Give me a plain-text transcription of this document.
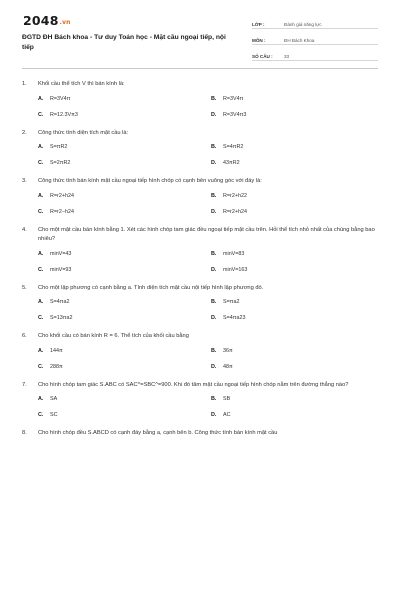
2048.vn
ĐGTD ĐH Bách khoa - Tư duy Toán học - Mặt cầu ngoại tiếp, nội tiếp
LỚP :	Đánh giá năng lực
MÔN :	ĐH Bách Khoa
SỐ CÂU :	33
1.	Khối cầu thể tích V thì bán kính là:
A.	R=3V4π	B.	R=3V4π
C.	R=12.3Vπ3	D.	R=3V4π3
2.	Công thức tính diện tích mặt cầu là:
A.	S=πR2	B.	S=4πR2
C.	S=2πR2	D.	43πR2
3.	Công thức tính bán kính mặt cầu ngoại tiếp hình chóp có cạnh bên vuông góc với đáy là:
A.	R=r2+h24	B.	R=r2+h22
C.	R=r2−h24	D.	R=r2+h24
4.	Cho một mặt cầu bán kính bằng 1. Xét các hình chóp tam giác đều ngoại tiếp mặt cầu trên. Hỏi thể tích nhỏ nhất của chúng bằng bao nhiêu?
A.	minV=43	B.	minV=83
C.	minV=93	D.	minV=163
5.	Cho một lập phương có cạnh bằng a. Tính diện tích mặt cầu nội tiếp hình lập phương đó.
A.	S=4πa2	B.	S=πa2
C.	S=13πa2	D.	S=4πa23
6.	Cho khối cầu có bán kính R = 6. Thể tích của khối cầu bằng
A.	144π	B.	36π
C.	288π	D.	48π
7.	Cho hình chóp tam giác S.ABC có SAC^=SBC^=900. Khi đó tâm mặt cầu ngoại tiếp hình chóp nằm trên đường thẳng nào?
A.	SA	B.	SB
C.	SC	D.	AC
8.	Cho hình chóp đều S.ABCD có cạnh đáy bằng a, cạnh bên b. Công thức tính bán kính mặt cầu
